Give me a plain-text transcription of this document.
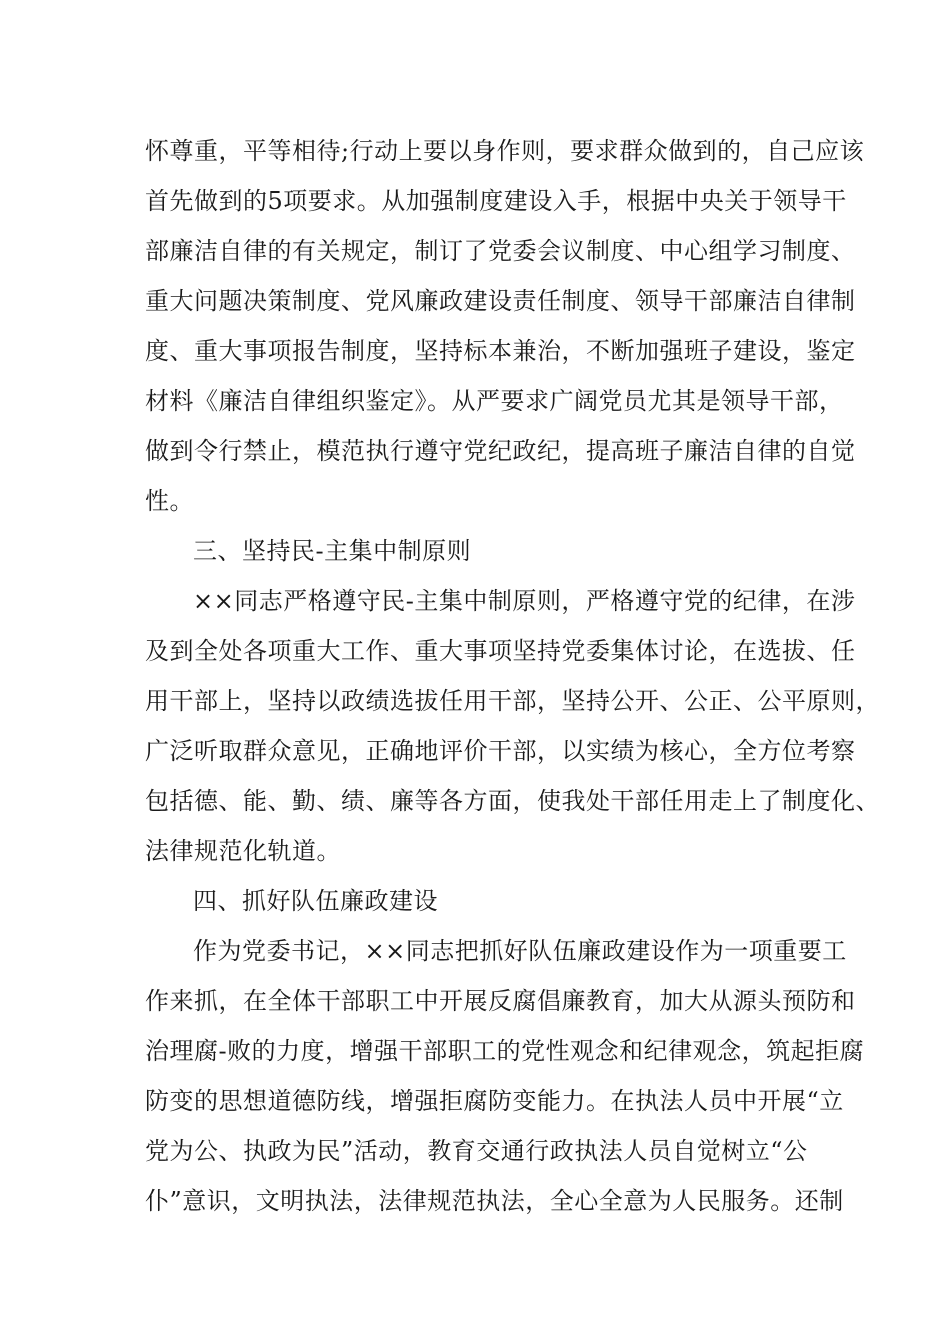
怀尊重，平等相待;行动上要以身作则，要求群众做到的，自己应该
首先做到的5项要求。从加强制度建设入手，根据中央关于领导干
部廉洁自律的有关规定，制订了党委会议制度、中心组学习制度、
重大问题决策制度、党风廉政建设责任制度、领导干部廉洁自律制
度、重大事项报告制度，坚持标本兼治，不断加强班子建设，鉴定
材料《廉洁自律组织鉴定》。从严要求广阔党员尤其是领导干部，
做到令行禁止，模范执行遵守党纪政纪，提高班子廉洁自律的自觉
性。
三、坚持民-主集中制原则
××同志严格遵守民-主集中制原则，严格遵守党的纪律，在涉
及到全处各项重大工作、重大事项坚持党委集体讨论，在选拔、任
用干部上，坚持以政绩选拔任用干部，坚持公开、公正、公平原则，
广泛听取群众意见，正确地评价干部，以实绩为核心，全方位考察
包括德、能、勤、绩、廉等各方面，使我处干部任用走上了制度化、
法律规范化轨道。
四、抓好队伍廉政建设
作为党委书记，××同志把抓好队伍廉政建设作为一项重要工
作来抓，在全体干部职工中开展反腐倡廉教育，加大从源头预防和
治理腐-败的力度，增强干部职工的党性观念和纪律观念，筑起拒腐
防变的思想道德防线，增强拒腐防变能力。在执法人员中开展“立
党为公、执政为民”活动，教育交通行政执法人员自觉树立“公
仆”意识，文明执法，法律规范执法，全心全意为人民服务。还制
